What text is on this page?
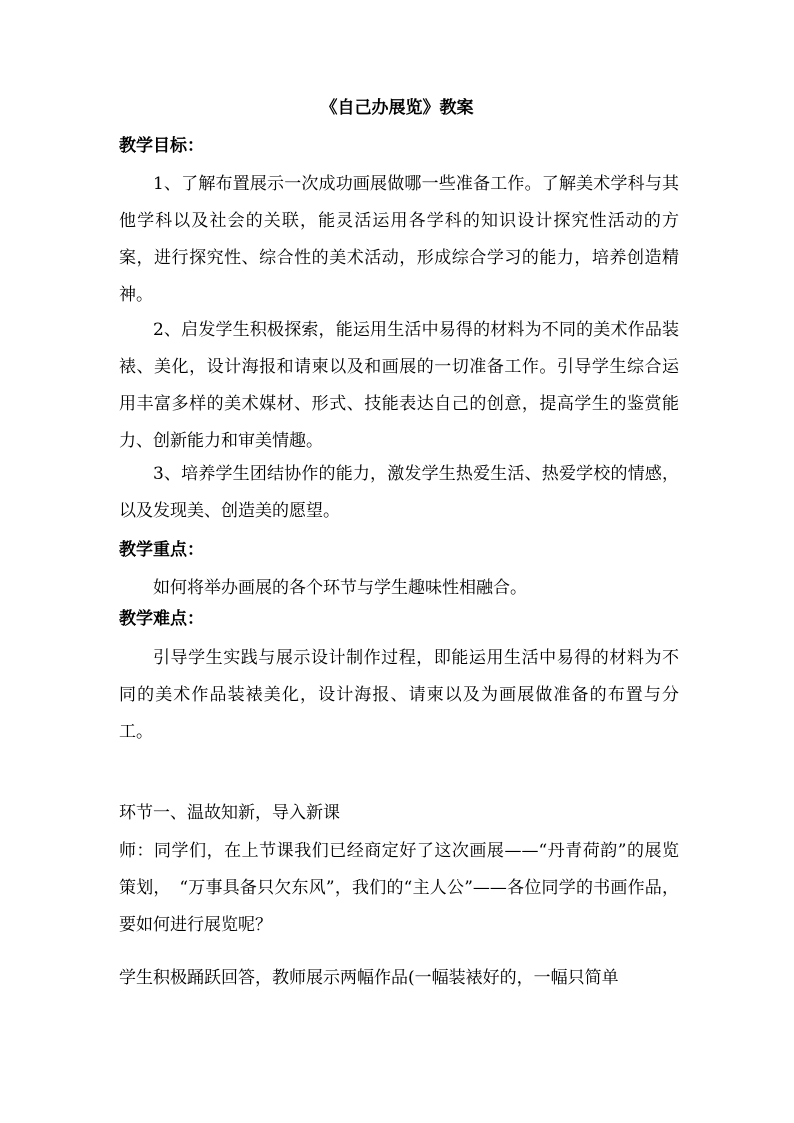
《自己办展览》教案
教学目标：

1、了解布置展示一次成功画展做哪一些准备工作。了解美术学科与其他学科以及社会的关联，能灵活运用各学科的知识设计探究性活动的方案，进行探究性、综合性的美术活动，形成综合学习的能力，培养创造精神。

2、启发学生积极探索，能运用生活中易得的材料为不同的美术作品装裱、美化，设计海报和请柬以及和画展的一切准备工作。引导学生综合运用丰富多样的美术媒材、形式、技能表达自己的创意，提高学生的鉴赏能力、创新能力和审美情趣。

3、培养学生团结协作的能力，激发学生热爱生活、热爱学校的情感，以及发现美、创造美的愿望。

教学重点：

如何将举办画展的各个环节与学生趣味性相融合。

教学难点：

引导学生实践与展示设计制作过程，即能运用生活中易得的材料为不同的美术作品装裱美化，设计海报、请柬以及为画展做准备的布置与分工。

环节一、温故知新，导入新课

师：同学们，在上节课我们已经商定好了这次画展——“丹青荷韵”的展览策划，　“万事具备只欠东风”，我们的“主人公”——各位同学的书画作品，要如何进行展览呢？

学生积极踊跃回答，教师展示两幅作品(一幅装裱好的，一幅只简单
